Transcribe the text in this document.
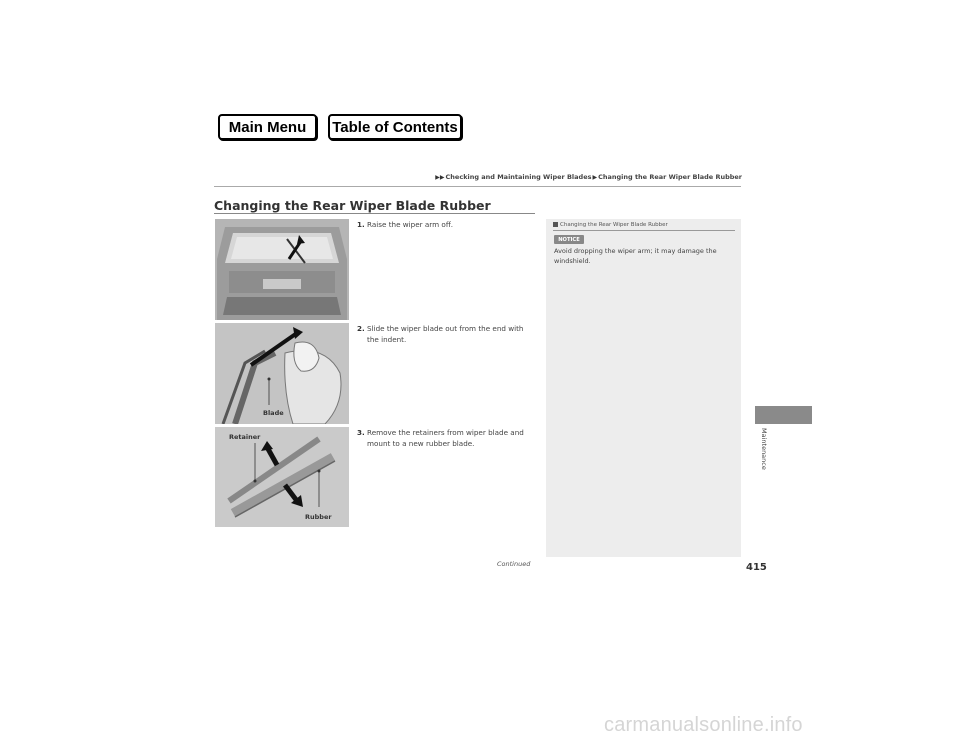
Main Menu	Table of Contents
▶▶Checking and Maintaining Wiper Blades▶Changing the Rear Wiper Blade Rubber
Changing the Rear Wiper Blade Rubber
Blade
Retainer
Rubber
1. Raise the wiper arm off.
2. Slide the wiper blade out from the end with
the indent.
3. Remove the retainers from wiper blade and
mount to a new rubber blade.
Changing the Rear Wiper Blade Rubber
NOTICE
Avoid dropping the wiper arm; it may damage the windshield.
Continued	415
Maintenance
carmanualsonline.info
